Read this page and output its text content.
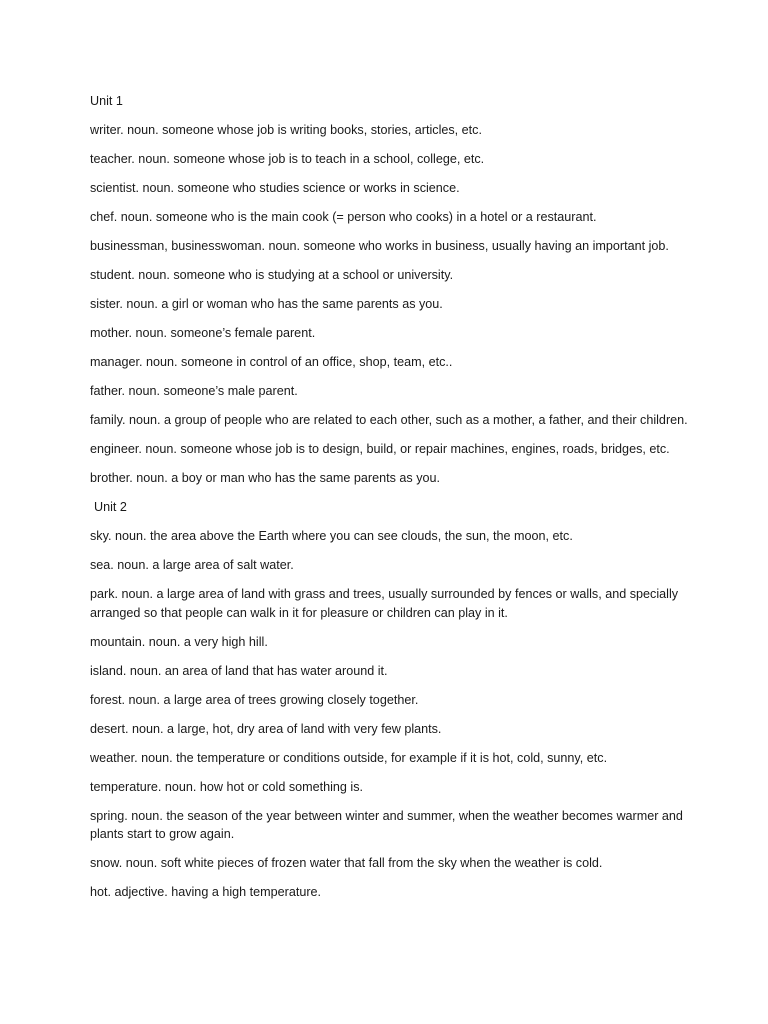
Unit 1

writer. noun. someone whose job is writing books, stories, articles, etc.

teacher. noun. someone whose job is to teach in a school, college, etc.

scientist. noun. someone who studies science or works in science.

chef. noun. someone who is the main cook (= person who cooks) in a hotel or a restaurant.

businessman, businesswoman. noun. someone who works in business, usually having an important job.

student. noun. someone who is studying at a school or university.

sister. noun. a girl or woman who has the same parents as you.

mother. noun. someone’s female parent.

manager. noun. someone in control of an office, shop, team, etc..

father. noun. someone’s male parent.

family. noun. a group of people who are related to each other, such as a mother, a father, and their children.

engineer. noun. someone whose job is to design, build, or repair machines, engines, roads, bridges, etc.

brother. noun. a boy or man who has the same parents as you.

Unit 2

sky. noun. the area above the Earth where you can see clouds, the sun, the moon, etc.

sea. noun. a large area of salt water.

park. noun. a large area of land with grass and trees, usually surrounded by fences or walls, and specially arranged so that people can walk in it for pleasure or children can play in it.

mountain. noun. a very high hill.

island. noun. an area of land that has water around it.

forest. noun. a large area of trees growing closely together.

desert. noun. a large, hot, dry area of land with very few plants.

weather. noun. the temperature or conditions outside, for example if it is hot, cold, sunny, etc.

temperature. noun. how hot or cold something is.

spring. noun. the season of the year between winter and summer, when the weather becomes warmer and plants start to grow again.

snow. noun. soft white pieces of frozen water that fall from the sky when the weather is cold.

hot. adjective. having a high temperature.
